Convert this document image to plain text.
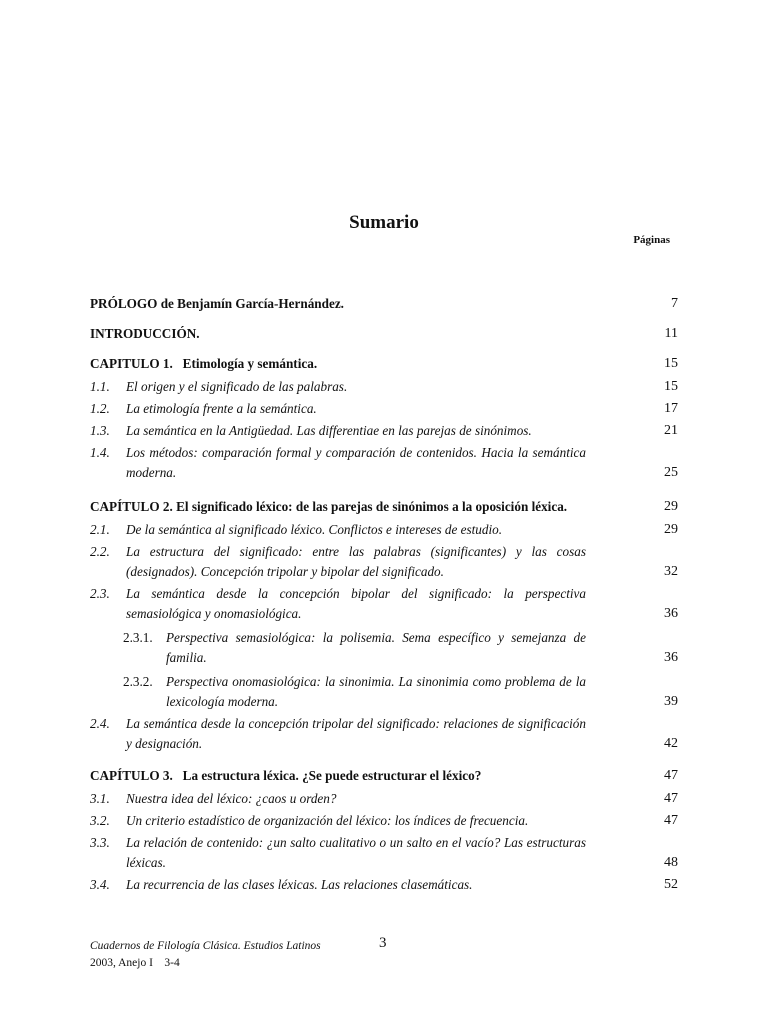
Sumario
Páginas
PRÓLOGO de Benjamín García-Hernández.	7
INTRODUCCIÓN.	11
CAPITULO 1.   Etimología y semántica.	15
1.1. El origen y el significado de las palabras.	15
1.2. La etimología frente a la semántica.	17
1.3. La semántica en la Antigüedad. Las differentiae en las parejas de sinónimos.	21
1.4. Los métodos: comparación formal y comparación de contenidos. Hacia la semántica moderna.	25
CAPÍTULO 2. El significado léxico: de las parejas de sinónimos a la oposición léxica.	29
2.1. De la semántica al significado léxico. Conflictos e intereses de estudio.	29
2.2. La estructura del significado: entre las palabras (significantes) y las cosas (designados). Concepción tripolar y bipolar del significado.	32
2.3. La semántica desde la concepción bipolar del significado: la perspectiva semasiológica y onomasiológica.	36
2.3.1. Perspectiva semasiológica: la polisemia. Sema específico y semejanza de familia.	36
2.3.2. Perspectiva onomasiológica: la sinonimia. La sinonimia como problema de la lexicología moderna.	39
2.4. La semántica desde la concepción tripolar del significado: relaciones de significación y designación.	42
CAPÍTULO 3.   La estructura léxica. ¿Se puede estructurar el léxico?	47
3.1. Nuestra idea del léxico: ¿caos u orden?	47
3.2. Un criterio estadístico de organización del léxico: los índices de frecuencia.	47
3.3. La relación de contenido: ¿un salto cualitativo o un salto en el vacío? Las estructuras léxicas.	48
3.4. La recurrencia de las clases léxicas. Las relaciones clasemáticas.	52
Cuadernos de Filología Clásica. Estudios Latinos
2003, Anejo I    3-4
3
